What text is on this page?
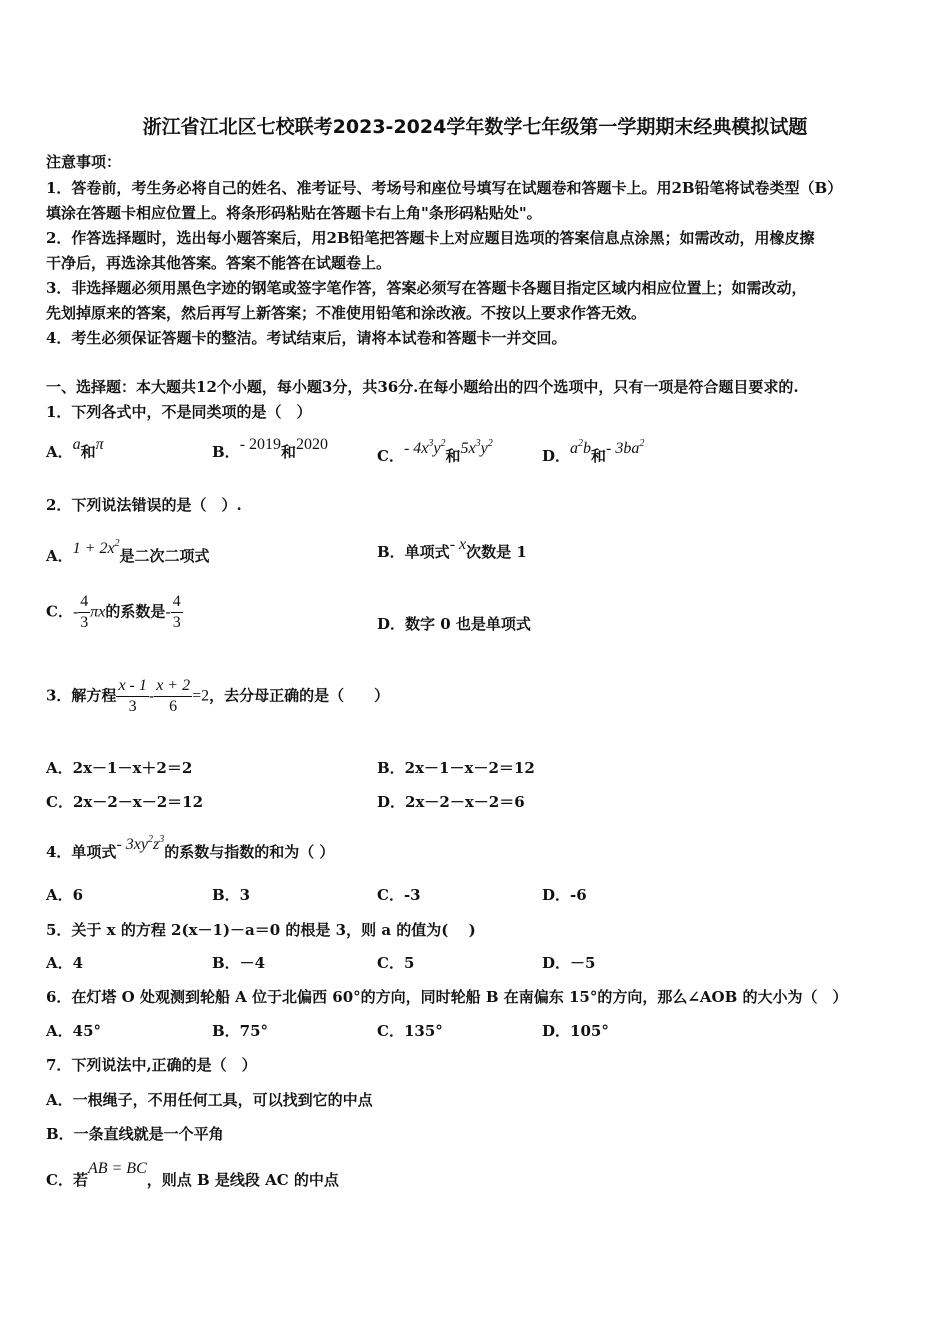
浙江省江北区七校联考2023-2024学年数学七年级第一学期期末经典模拟试题
注意事项：
1．答卷前，考生务必将自己的姓名、准考证号、考场号和座位号填写在试题卷和答题卡上。用2B铅笔将试卷类型（B）
填涂在答题卡相应位置上。将条形码粘贴在答题卡右上角"条形码粘贴处"。
2．作答选择题时，选出每小题答案后，用2B铅笔把答题卡上对应题目选项的答案信息点涂黑；如需改动，用橡皮擦
干净后，再选涂其他答案。答案不能答在试题卷上。
3．非选择题必须用黑色字迹的钢笔或签字笔作答，答案必须写在答题卡各题目指定区域内相应位置上；如需改动，
先划掉原来的答案，然后再写上新答案；不准使用铅笔和涂改液。不按以上要求作答无效。
4．考生必须保证答题卡的整洁。考试结束后，请将本试卷和答题卡一并交回。
一、选择题：本大题共12个小题，每小题3分，共36分.在每小题给出的四个选项中，只有一项是符合题目要求的.
1．下列各式中，不是同类项的是（　）
A．a和π	B．- 2019和2020
C．- $4x^3y^2$和$5x^3y^2$
D．$a^2b$和- $3ba^2$
2．下列说法错误的是（　）.
A．$1 + 2x^2$是二次二项式	B．单项式- x次数是 1
C．- $\frac{4}{3}$ πx的系数是- $\frac{4}{3}$	D．数字 0 也是单项式
3．解方程 $\frac{x - 1}{3} - \frac{x + 2}{6} =2$，去分母正确的是（　　）
A．2x－1－x＋2＝2	B．2x－1－x－2＝12
C．2x－2－x－2＝12	D．2x－2－x－2＝6
4．单项式- $3xy^2z^3$的系数与指数的和为（ ）
A．6	B．3	C．-3	D．-6
5．关于 x 的方程 2(x－1)－a＝0 的根是 3，则 a 的值为(　 )
A．4	B．－4	C．5	D．－5
6．在灯塔 O 处观测到轮船 A 位于北偏西 60°的方向，同时轮船 B 在南偏东 15°的方向，那么∠AOB 的大小为（　）
A．45°	B．75°	C．135°	D．105°
7．下列说法中,正确的是（　）
A．一根绳子，不用任何工具，可以找到它的中点
B．一条直线就是一个平角
C．若AB = BC，则点 B 是线段 AC 的中点
